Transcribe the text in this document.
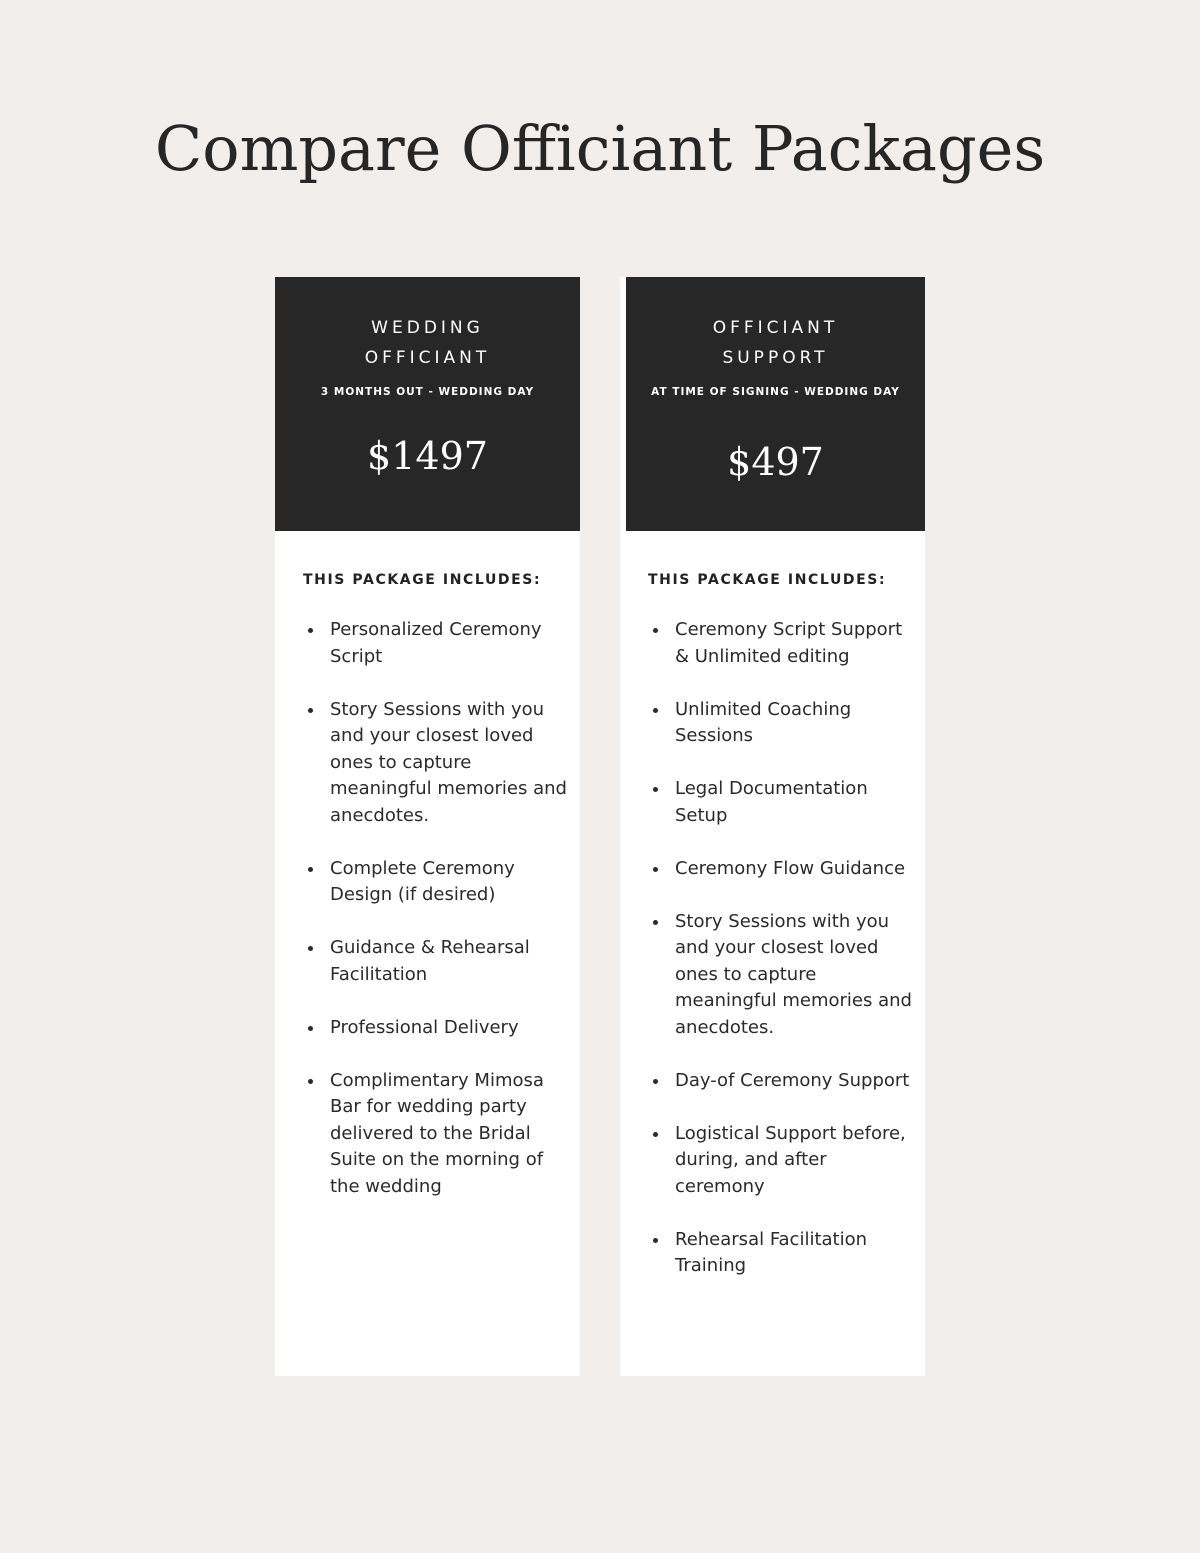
Compare Officiant Packages
WEDDING
OFFICIANT
3 MONTHS OUT - WEDDING DAY
$1497
THIS PACKAGE INCLUDES:
Personalized Ceremony Script
Story Sessions with you and your closest loved ones to capture meaningful memories and anecdotes.
Complete Ceremony Design (if desired)
Guidance & Rehearsal Facilitation
Professional Delivery
Complimentary Mimosa Bar for wedding party delivered to the Bridal Suite on the morning of the wedding
OFFICIANT
SUPPORT
AT TIME OF SIGNING - WEDDING DAY
$497
THIS PACKAGE INCLUDES:
Ceremony Script Support & Unlimited editing
Unlimited Coaching Sessions
Legal Documentation Setup
Ceremony Flow Guidance
Story Sessions with you and your closest loved ones to capture meaningful memories and anecdotes.
Day-of Ceremony Support
Logistical Support before, during, and after ceremony
Rehearsal Facilitation Training
